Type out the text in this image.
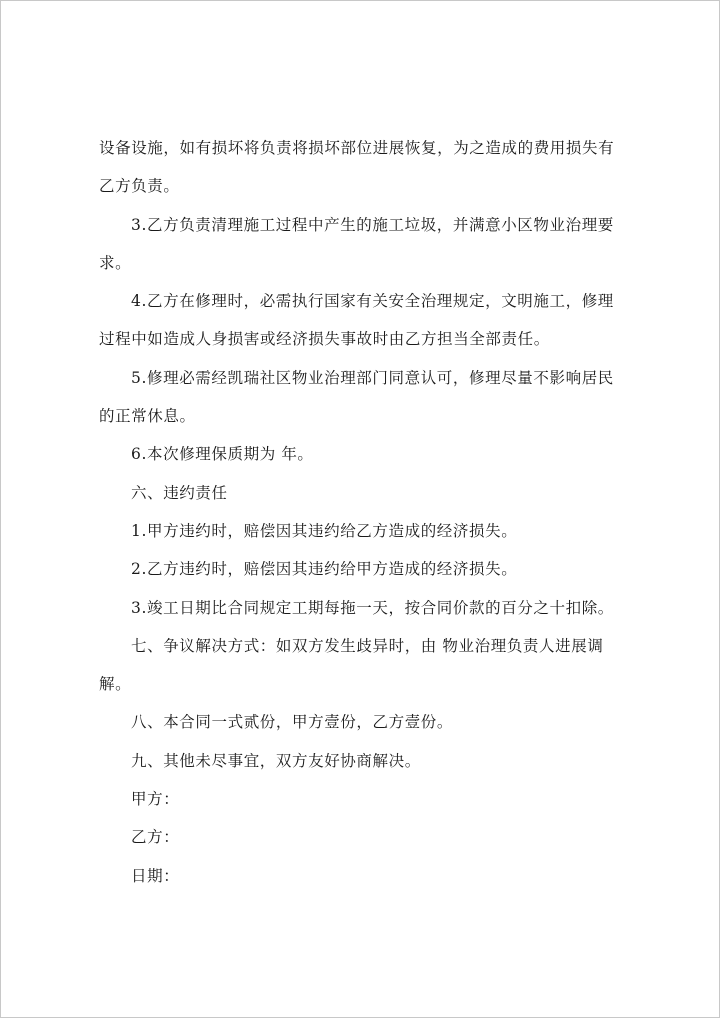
设备设施，如有损坏将负责将损坏部位进展恢复，为之造成的费用损失有
乙方负责。
3.乙方负责清理施工过程中产生的施工垃圾，并满意小区物业治理要
求。
4.乙方在修理时，必需执行国家有关安全治理规定，文明施工，修理
过程中如造成人身损害或经济损失事故时由乙方担当全部责任。
5.修理必需经凯瑞社区物业治理部门同意认可，修理尽量不影响居民
的正常休息。
6.本次修理保质期为 年。
六、违约责任
1.甲方违约时，赔偿因其违约给乙方造成的经济损失。
2.乙方违约时，赔偿因其违约给甲方造成的经济损失。
3.竣工日期比合同规定工期每拖一天，按合同价款的百分之十扣除。
七、争议解决方式：如双方发生歧异时，由 物业治理负责人进展调
解。
八、本合同一式贰份，甲方壹份，乙方壹份。
九、其他未尽事宜，双方友好协商解决。
甲方：
乙方：
日期：
